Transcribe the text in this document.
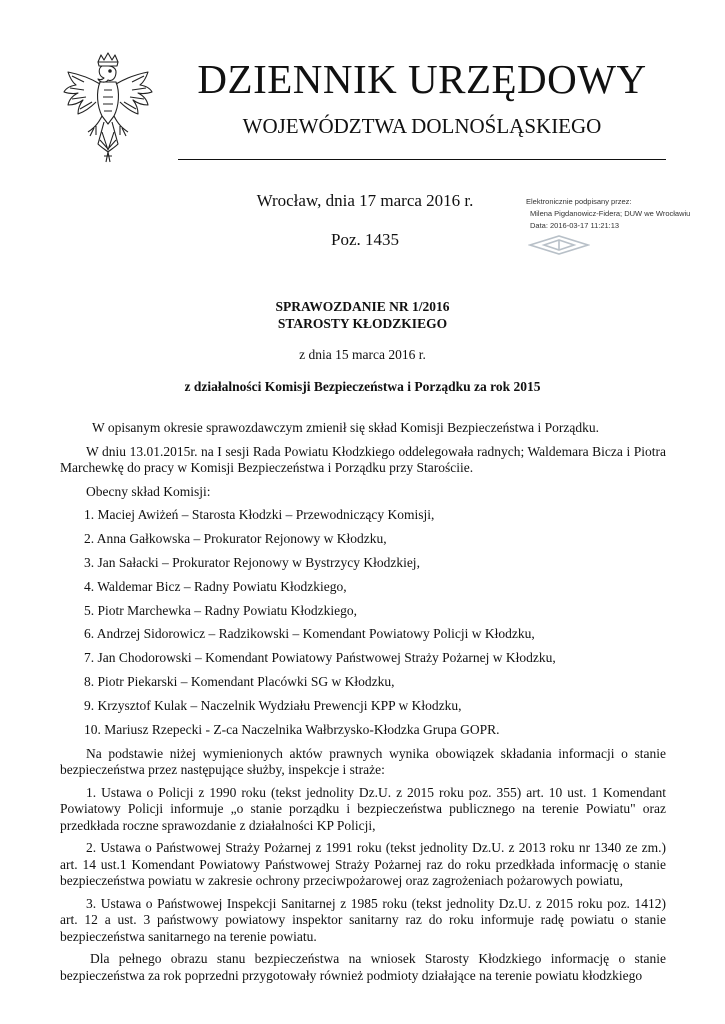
DZIENNIK URZĘDOWY
WOJEWÓDZTWA DOLNOŚLĄSKIEGO
Wrocław, dnia 17 marca 2016 r.
Poz. 1435
Elektronicznie podpisany przez:
Milena Pigdanowicz-Fidera; DUW we Wrocławiu
Data: 2016-03-17 11:21:13
SPRAWOZDANIE NR 1/2016
STAROSTY KŁODZKIEGO
z dnia 15 marca 2016 r.
z działalności Komisji Bezpieczeństwa i Porządku za rok 2015

W opisanym okresie sprawozdawczym zmienił się skład Komisji Bezpieczeństwa i Porządku.

W dniu 13.01.2015r. na I sesji Rada Powiatu Kłodzkiego oddelegowała radnych; Waldemara Bicza i Piotra Marchewkę do pracy w Komisji Bezpieczeństwa i Porządku przy Starościie.

Obecny skład Komisji:

1. Maciej Awiżeń – Starosta Kłodzki – Przewodniczący Komisji,
2. Anna Gałkowska – Prokurator Rejonowy w Kłodzku,
3. Jan Sałacki – Prokurator Rejonowy w Bystrzycy Kłodzkiej,
4. Waldemar Bicz – Radny Powiatu Kłodzkiego,
5. Piotr Marchewka – Radny Powiatu Kłodzkiego,
6. Andrzej Sidorowicz – Radzikowski – Komendant Powiatowy Policji w Kłodzku,
7. Jan Chodorowski – Komendant Powiatowy Państwowej Straży Pożarnej w Kłodzku,
8. Piotr Piekarski – Komendant Placówki SG w Kłodzku,
9. Krzysztof Kulak – Naczelnik Wydziału Prewencji KPP w Kłodzku,
10. Mariusz Rzepecki - Z-ca Naczelnika Wałbrzysko-Kłodzka Grupa GOPR.

Na podstawie niżej wymienionych aktów prawnych wynika obowiązek składania informacji o stanie bezpieczeństwa przez następujące służby, inspekcje i straże:

1. Ustawa o Policji z 1990 roku (tekst jednolity Dz.U. z 2015 roku poz. 355) art. 10 ust. 1 Komendant Powiatowy Policji informuje „o stanie porządku i bezpieczeństwa publicznego na terenie Powiatu" oraz przedkłada roczne sprawozdanie z działalności KP Policji,

2. Ustawa o Państwowej Straży Pożarnej z 1991 roku (tekst jednolity Dz.U. z 2013 roku nr 1340 ze zm.) art. 14 ust.1 Komendant Powiatowy Państwowej Straży Pożarnej raz do roku przedkłada informację o stanie bezpieczeństwa powiatu w zakresie ochrony przeciwpożarowej oraz zagrożeniach pożarowych powiatu,

3. Ustawa o Państwowej Inspekcji Sanitarnej z 1985 roku (tekst jednolity Dz.U. z 2015 roku poz. 1412) art. 12 a ust. 3 państwowy powiatowy inspektor sanitarny raz do roku informuje radę powiatu o stanie bezpieczeństwa sanitarnego na terenie powiatu.

Dla pełnego obrazu stanu bezpieczeństwa na wniosek Starosty Kłodzkiego informację o stanie bezpieczeństwa za rok poprzedni przygotowały również podmioty działające na terenie powiatu kłodzkiego
